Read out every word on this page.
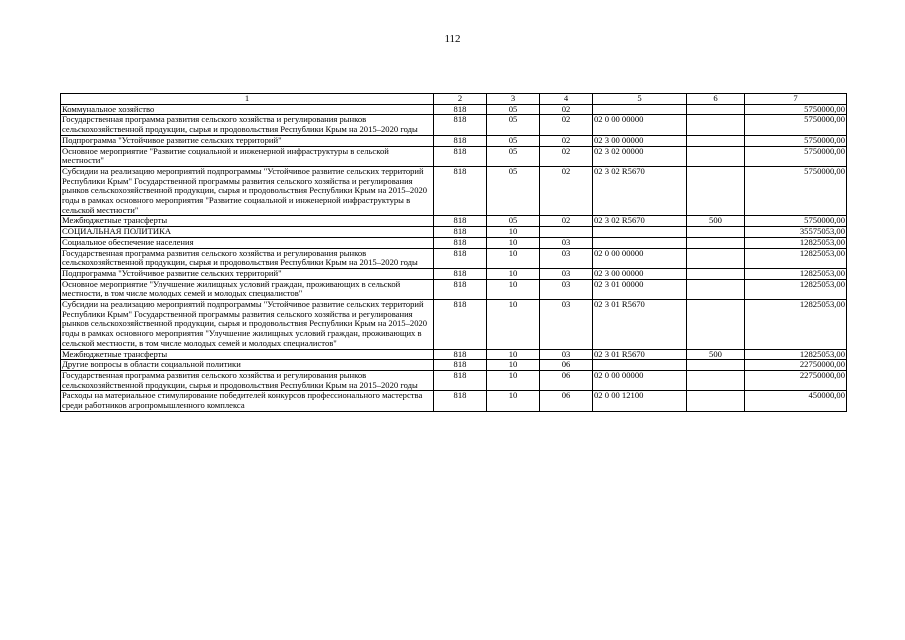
112
1	2	3	4	5	6	7
Коммунальное хозяйство	818	05	02			5750000,00
Государственная программа развития сельского хозяйства и регулирования рынков сельскохозяйственной продукции, сырья и продовольствия Республики Крым на 2015–2020 годы	818	05	02	02 0 00 00000		5750000,00
Подпрограмма "Устойчивое развитие сельских территорий"	818	05	02	02 3 00 00000		5750000,00
Основное мероприятие "Развитие социальной и инженерной инфраструктуры в сельской местности"	818	05	02	02 3 02 00000		5750000,00
Субсидии на реализацию мероприятий подпрограммы "Устойчивое развитие сельских территорий Республики Крым" Государственной программы развития сельского хозяйства и регулирования рынков сельскохозяйственной продукции, сырья и продовольствия Республики Крым на 2015–2020 годы в рамках основного мероприятия "Развитие социальной и инженерной инфраструктуры в сельской местности"	818	05	02	02 3 02 R5670		5750000,00
Межбюджетные трансферты	818	05	02	02 3 02 R5670	500	5750000,00
СОЦИАЛЬНАЯ ПОЛИТИКА	818	10				35575053,00
Социальное обеспечение населения	818	10	03			12825053,00
Государственная программа развития сельского хозяйства и регулирования рынков сельскохозяйственной продукции, сырья и продовольствия Республики Крым на 2015–2020 годы	818	10	03	02 0 00 00000		12825053,00
Подпрограмма "Устойчивое развитие сельских территорий"	818	10	03	02 3 00 00000		12825053,00
Основное мероприятие "Улучшение жилищных условий граждан, проживающих в сельской местности, в том числе молодых семей и молодых специалистов"	818	10	03	02 3 01 00000		12825053,00
Субсидии на реализацию мероприятий подпрограммы "Устойчивое развитие сельских территорий Республики Крым" Государственной программы развития сельского хозяйства и регулирования рынков сельскохозяйственной продукции, сырья и продовольствия Республики Крым на 2015–2020 годы в рамках основного мероприятия "Улучшение жилищных условий граждан, проживающих в сельской местности, в том числе молодых семей и молодых специалистов"	818	10	03	02 3 01 R5670		12825053,00
Межбюджетные трансферты	818	10	03	02 3 01 R5670	500	12825053,00
Другие вопросы в области социальной политики	818	10	06			22750000,00
Государственная программа развития сельского хозяйства и регулирования рынков сельскохозяйственной продукции, сырья и продовольствия Республики Крым на 2015–2020 годы	818	10	06	02 0 00 00000		22750000,00
Расходы на материальное стимулирование победителей конкурсов профессионального мастерства среди работников агропромышленного комплекса	818	10	06	02 0 00 12100		450000,00
